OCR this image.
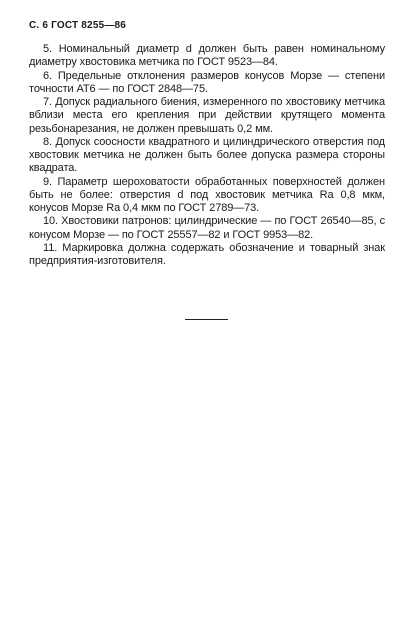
С. 6 ГОСТ 8255—86

5. Номинальный диаметр d должен быть равен номинальному диаметру хвостовика метчика по ГОСТ 9523—84.

6. Предельные отклонения размеров конусов Морзе — степени точности АТ6 — по ГОСТ 2848—75.

7. Допуск радиального биения, измеренного по хвостовику метчика вблизи места его крепления при действии крутящего момента резьбонарезания, не должен превышать 0,2 мм.

8. Допуск соосности квадратного и цилиндрического отверстия под хвостовик метчика не должен быть более допуска размера стороны квадрата.

9. Параметр шероховатости обработанных поверхностей должен быть не более: отверстия d под хвостовик метчика Ra 0,8 мкм, конусов Морзе Ra 0,4 мкм по ГОСТ 2789—73.

10. Хвостовики патронов: цилиндрические — по ГОСТ 26540—85, с конусом Морзе — по ГОСТ 25557—82 и ГОСТ 9953—82.

11. Маркировка должна содержать обозначение и товарный знак предприятия-изготовителя.
